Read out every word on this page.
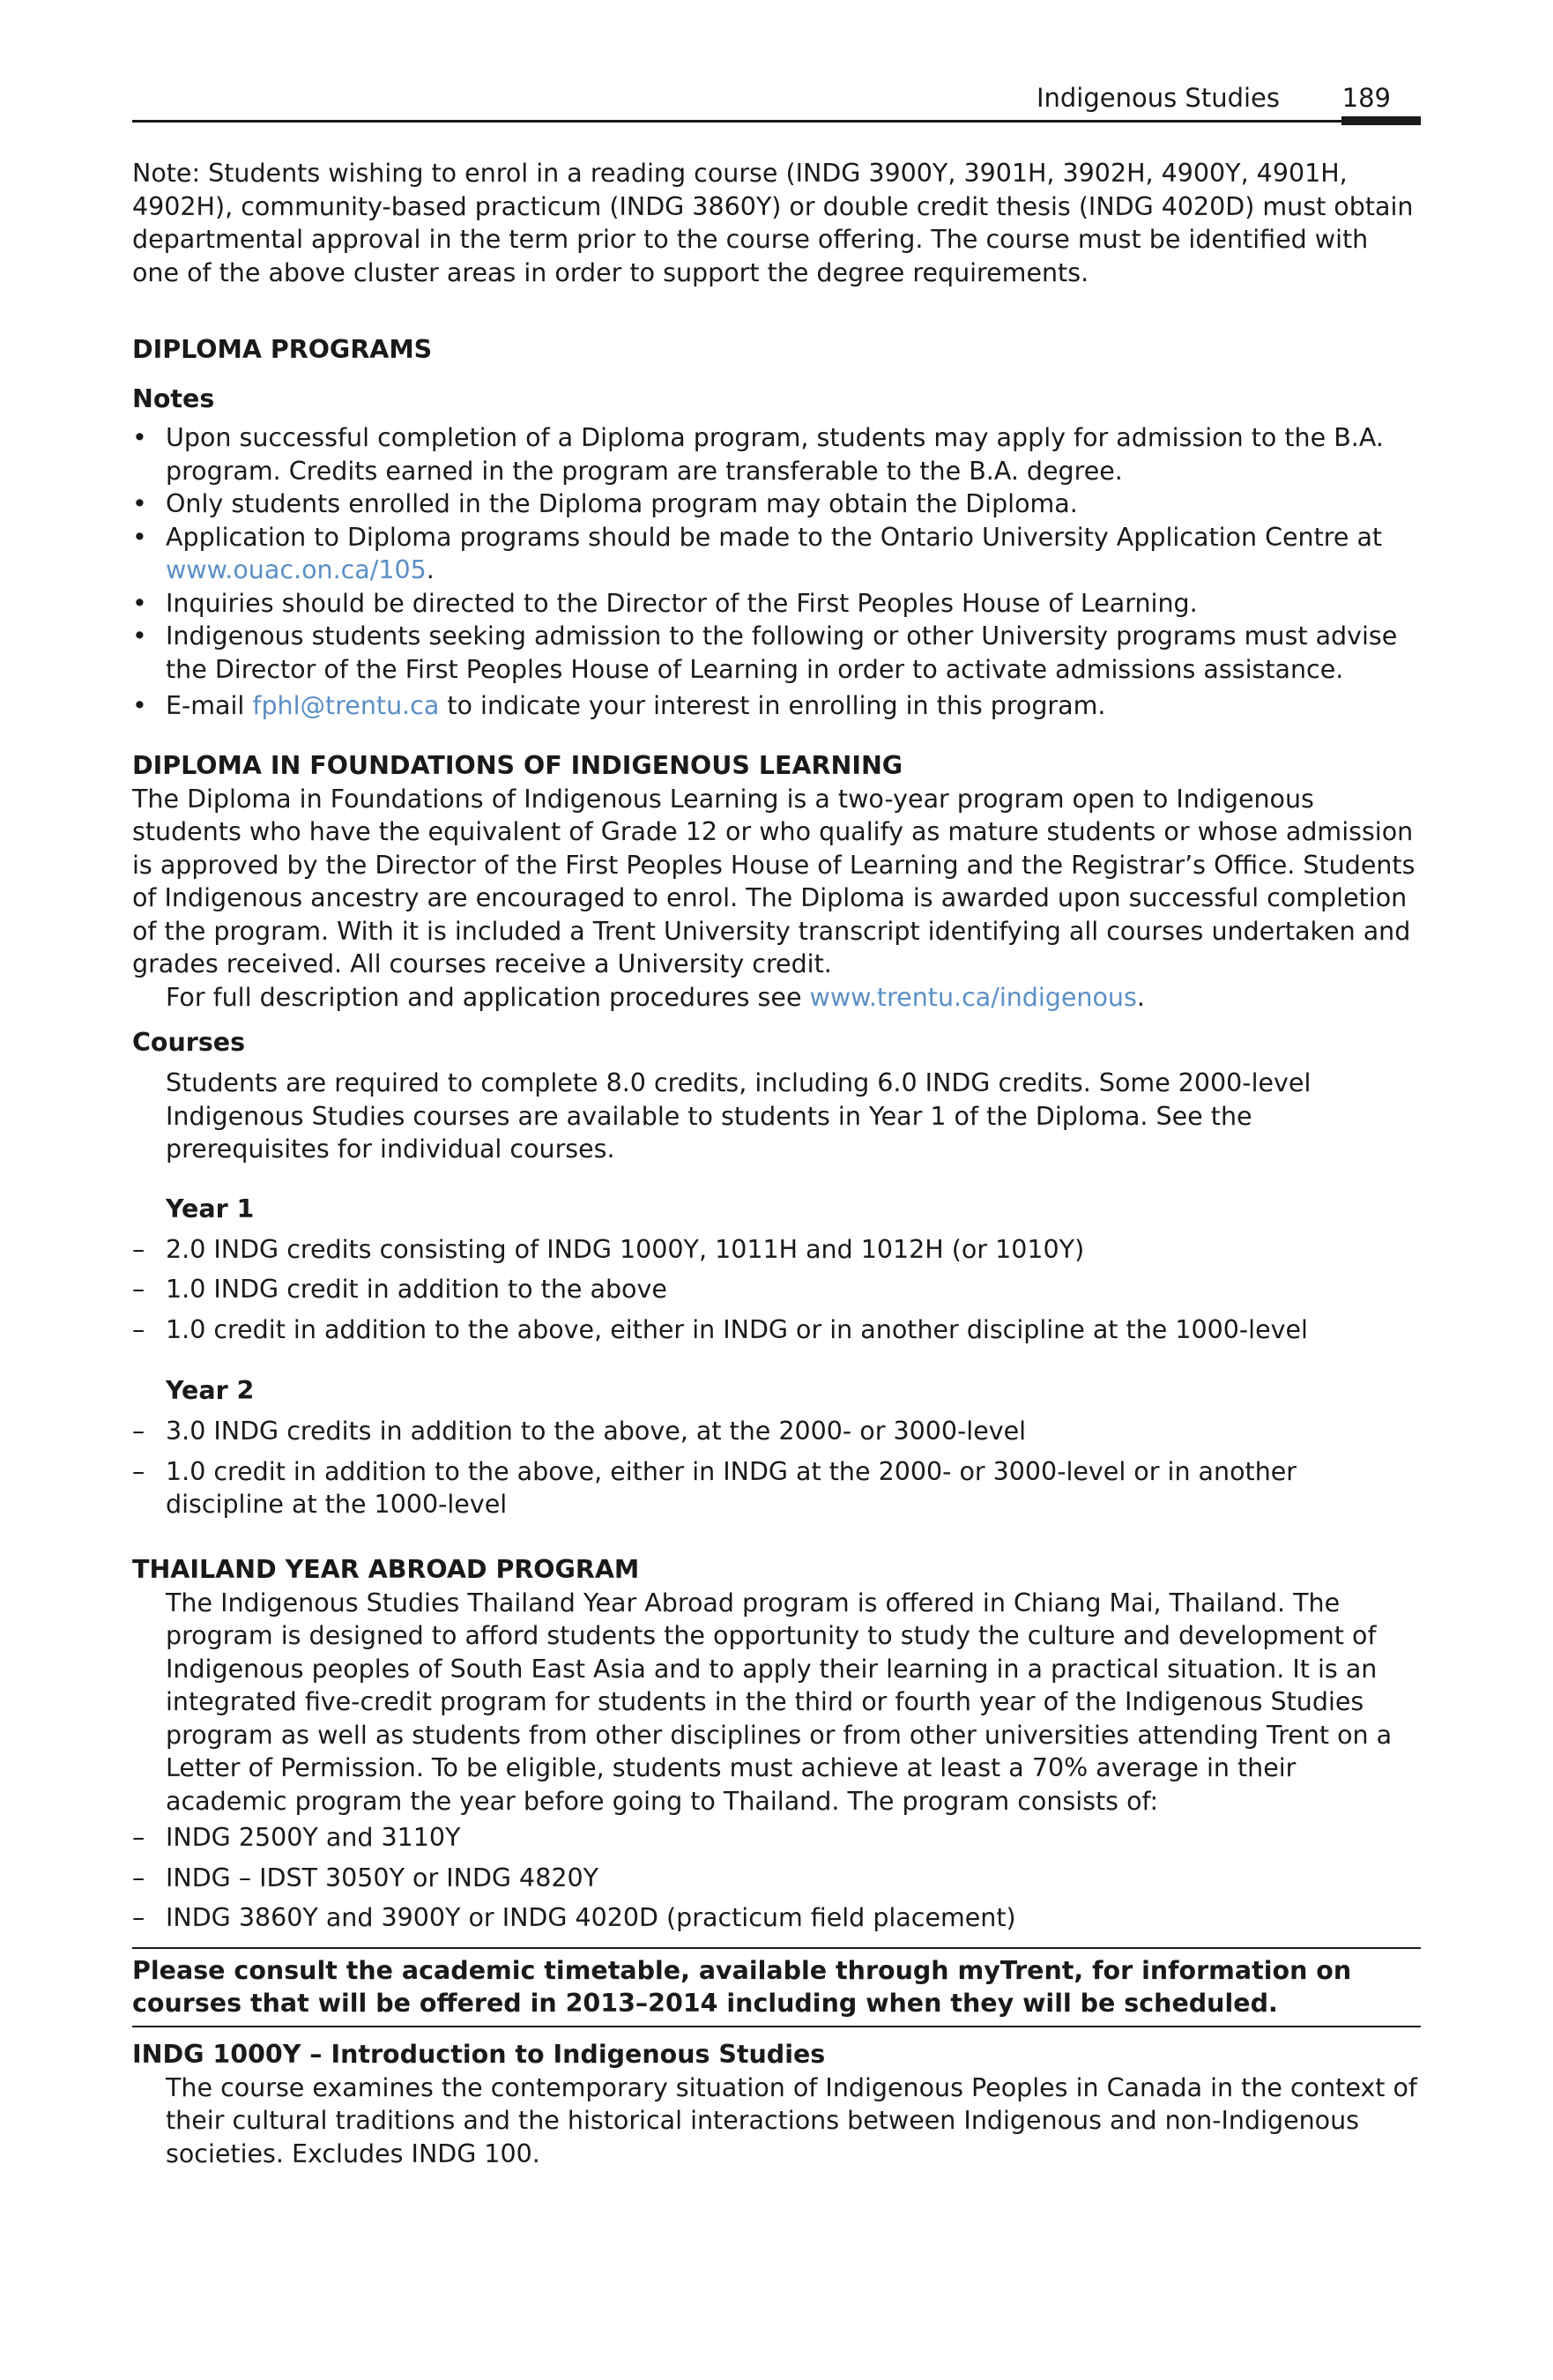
Indigenous Studies 189

Note: Students wishing to enrol in a reading course (INDG 3900Y, 3901H, 3902H, 4900Y, 4901H, 4902H), community-based practicum (INDG 3860Y) or double credit thesis (INDG 4020D) must obtain departmental approval in the term prior to the course offering. The course must be identified with one of the above cluster areas in order to support the degree requirements.

DIPLOMA PROGRAMS

Notes

• Upon successful completion of a Diploma program, students may apply for admission to the B.A. program. Credits earned in the program are transferable to the B.A. degree.
• Only students enrolled in the Diploma program may obtain the Diploma.
• Application to Diploma programs should be made to the Ontario University Application Centre at www.ouac.on.ca/105.
• Inquiries should be directed to the Director of the First Peoples House of Learning.
• Indigenous students seeking admission to the following or other University programs must advise the Director of the First Peoples House of Learning in order to activate admissions assistance.
• E-mail fphl@trentu.ca to indicate your interest in enrolling in this program.

DIPLOMA IN FOUNDATIONS OF INDIGENOUS LEARNING

The Diploma in Foundations of Indigenous Learning is a two-year program open to Indigenous students who have the equivalent of Grade 12 or who qualify as mature students or whose admission is approved by the Director of the First Peoples House of Learning and the Registrar’s Office. Students of Indigenous ancestry are encouraged to enrol. The Diploma is awarded upon successful completion of the program. With it is included a Trent University transcript identifying all courses undertaken and grades received. All courses receive a University credit.

For full description and application procedures see www.trentu.ca/indigenous.

Courses

Students are required to complete 8.0 credits, including 6.0 INDG credits. Some 2000-level Indigenous Studies courses are available to students in Year 1 of the Diploma. See the prerequisites for individual courses.

Year 1

– 2.0 INDG credits consisting of INDG 1000Y, 1011H and 1012H (or 1010Y)
– 1.0 INDG credit in addition to the above
– 1.0 credit in addition to the above, either in INDG or in another discipline at the 1000-level

Year 2

– 3.0 INDG credits in addition to the above, at the 2000- or 3000-level
– 1.0 credit in addition to the above, either in INDG at the 2000- or 3000-level or in another discipline at the 1000-level

THAILAND YEAR ABROAD PROGRAM

The Indigenous Studies Thailand Year Abroad program is offered in Chiang Mai, Thailand. The program is designed to afford students the opportunity to study the culture and development of Indigenous peoples of South East Asia and to apply their learning in a practical situation. It is an integrated five-credit program for students in the third or fourth year of the Indigenous Studies program as well as students from other disciplines or from other universities attending Trent on a Letter of Permission. To be eligible, students must achieve at least a 70% average in their academic program the year before going to Thailand. The program consists of:

– INDG 2500Y and 3110Y
– INDG – IDST 3050Y or INDG 4820Y
– INDG 3860Y and 3900Y or INDG 4020D (practicum field placement)

Please consult the academic timetable, available through myTrent, for information on courses that will be offered in 2013–2014 including when they will be scheduled.

INDG 1000Y – Introduction to Indigenous Studies

The course examines the contemporary situation of Indigenous Peoples in Canada in the context of their cultural traditions and the historical interactions between Indigenous and non-Indigenous societies. Excludes INDG 100.
